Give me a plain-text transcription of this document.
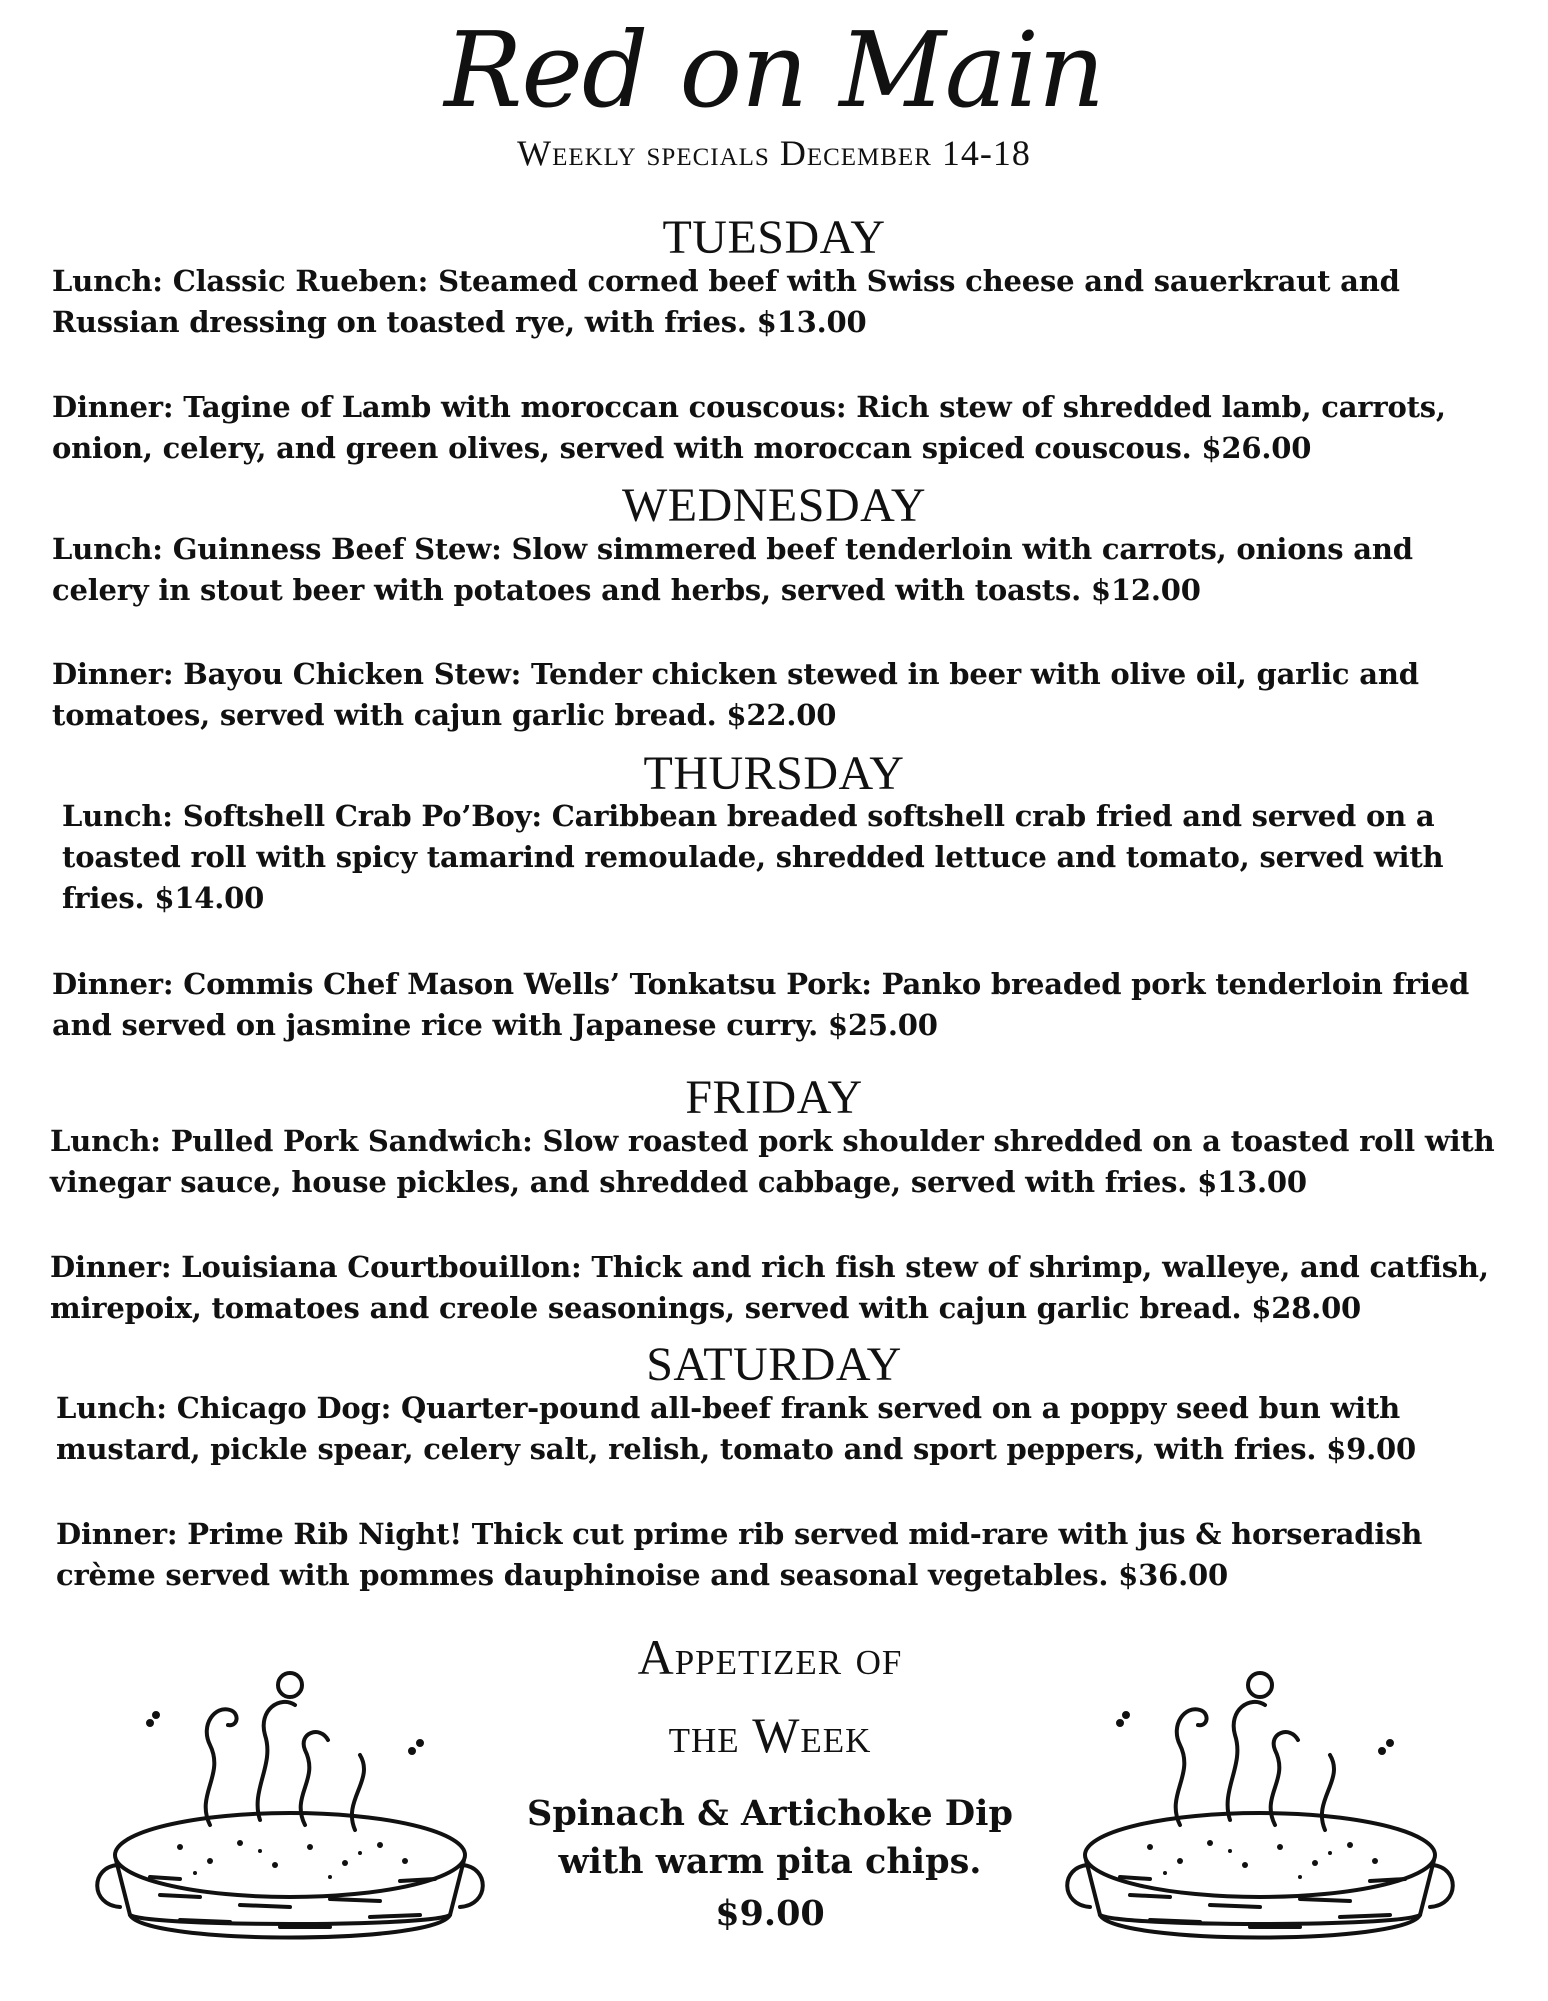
Red on Main
Weekly specials December 14-18
TUESDAY

Lunch: Classic Rueben: Steamed corned beef with Swiss cheese and sauerkraut and Russian dressing on toasted rye, with fries. $13.00

Dinner: Tagine of Lamb with moroccan couscous: Rich stew of shredded lamb, carrots, onion, celery, and green olives, served with moroccan spiced couscous. $26.00

WEDNESDAY

Lunch: Guinness Beef Stew: Slow simmered beef tenderloin with carrots, onions and celery in stout beer with potatoes and herbs, served with toasts. $12.00

Dinner: Bayou Chicken Stew: Tender chicken stewed in beer with olive oil, garlic and tomatoes, served with cajun garlic bread. $22.00

THURSDAY

Lunch: Softshell Crab Po’Boy: Caribbean breaded softshell crab fried and served on a toasted roll with spicy tamarind remoulade, shredded lettuce and tomato, served with fries. $14.00

Dinner: Commis Chef Mason Wells’ Tonkatsu Pork: Panko breaded pork tenderloin fried and served on jasmine rice with Japanese curry. $25.00

FRIDAY

Lunch: Pulled Pork Sandwich: Slow roasted pork shoulder shredded on a toasted roll with vinegar sauce, house pickles, and shredded cabbage, served with fries. $13.00

Dinner: Louisiana Courtbouillon: Thick and rich fish stew of shrimp, walleye, and catfish, mirepoix, tomatoes and creole seasonings, served with cajun garlic bread. $28.00

SATURDAY

Lunch: Chicago Dog: Quarter-pound all-beef frank served on a poppy seed bun with mustard, pickle spear, celery salt, relish, tomato and sport peppers, with fries. $9.00

Dinner: Prime Rib Night! Thick cut prime rib served mid-rare with jus & horseradish crème served with pommes dauphinoise and seasonal vegetables. $36.00

Appetizer of
the Week
Spinach & Artichoke Dip
with warm pita chips.
$9.00
